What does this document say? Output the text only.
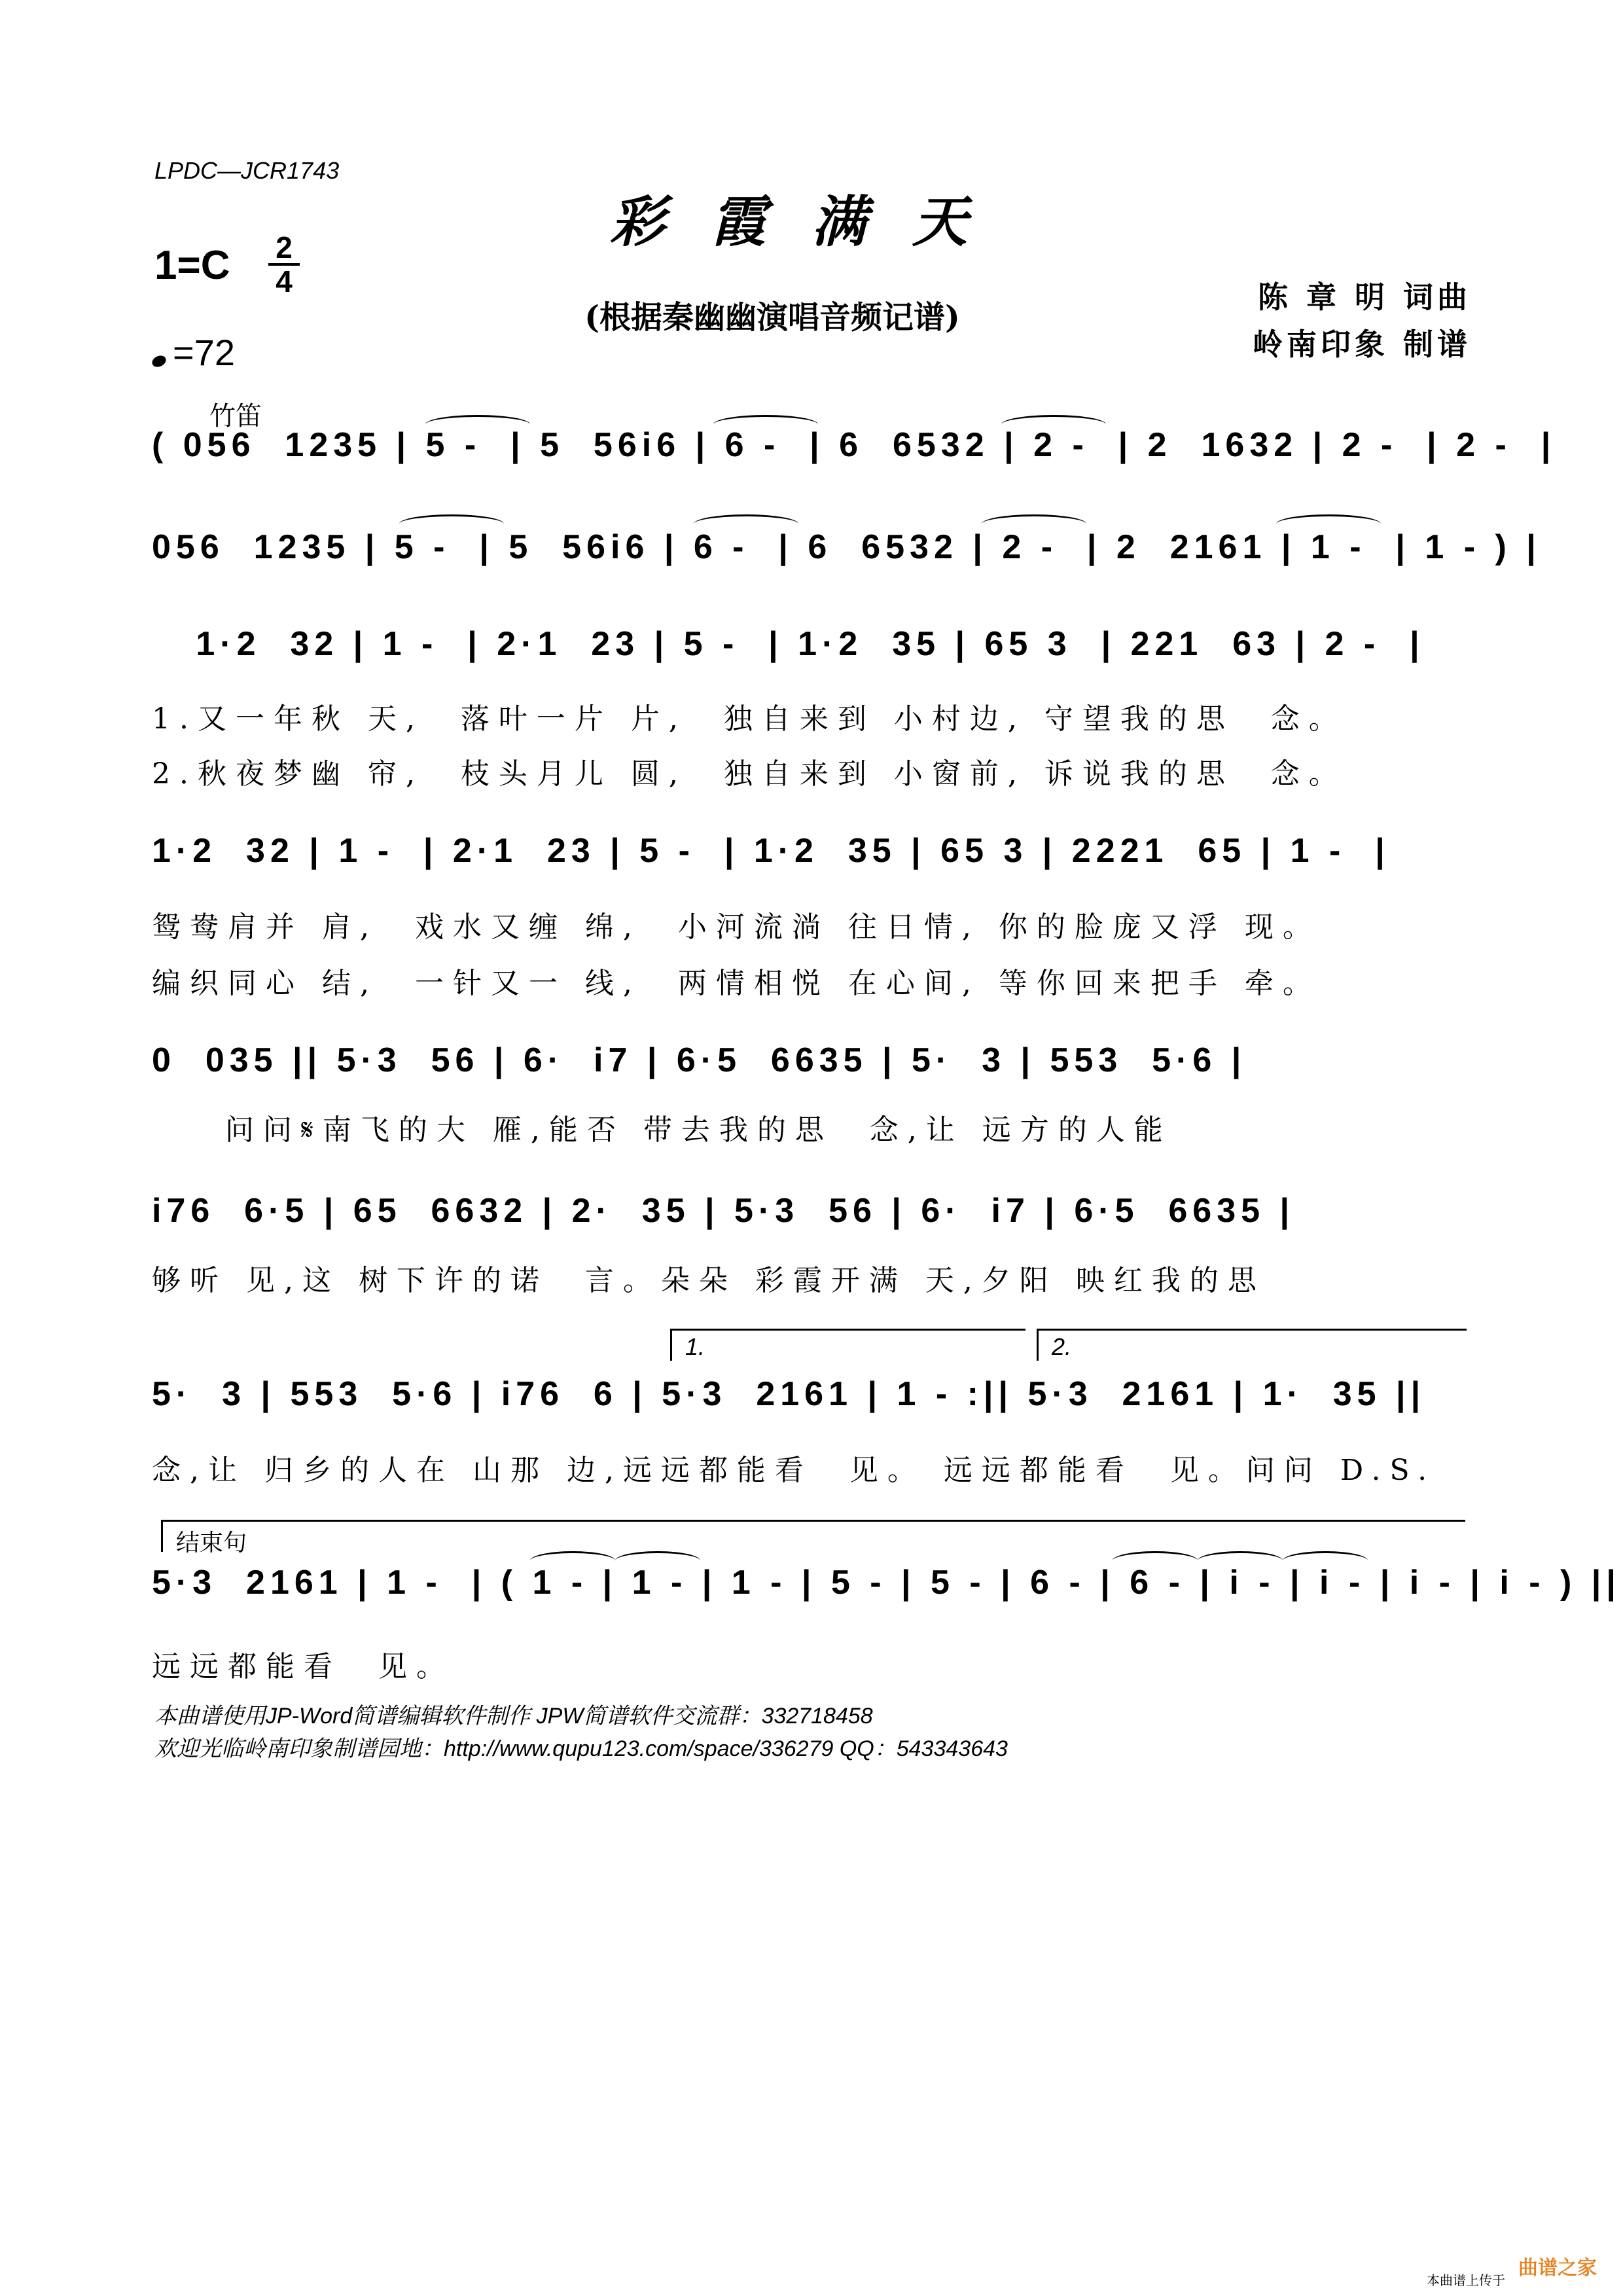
LPDC—JCR1743
彩霞满天
1=C	2
4
=72
(根据秦幽幽演唱音频记谱)
陈 章 明 词曲
岭南印象 制谱
竹笛
( 056  1235 | 5 -  | 5  56i6 | 6 -  | 6  6532 | 2 -  | 2  1632 | 2 -  | 2 -  |
056  1235 | 5 -  | 5  56i6 | 6 -  | 6  6532 | 2 -  | 2  2161 | 1 -  | 1 - ) |
1·2  32 | 1 -  | 2·1  23 | 5 -  | 1·2  35 | 65 3  | 221  63 | 2 -  |
1.又一年秋 天,  落叶一片 片,  独自来到 小村边, 守望我的思  念。
2.秋夜梦幽 帘,  枝头月儿 圆,  独自来到 小窗前, 诉说我的思  念。
1·2  32 | 1 -  | 2·1  23 | 5 -  | 1·2  35 | 65 3 | 2221  65 | 1 -  |
鸳鸯肩并 肩,  戏水又缠 绵,  小河流淌 往日情, 你的脸庞又浮 现。
编织同心 结,  一针又一 线,  两情相悦 在心间, 等你回来把手 牵。
0  035 || 5·3  56 | 6·  i7 | 6·5  6635 | 5·  3 | 553  5·6 |
问问𝄋南飞的大 雁,能否 带去我的思  念,让 远方的人能
i76  6·5 | 65  6632 | 2·  35 | 5·3  56 | 6·  i7 | 6·5  6635 |
够听 见,这 树下许的诺  言。朵朵 彩霞开满 天,夕阳 映红我的思
1.	2.
5·  3 | 553  5·6 | i76  6 | 5·3  2161 | 1 - :|| 5·3  2161 | 1·  35 ||
念,让 归乡的人在 山那 边,远远都能看  见。 远远都能看  见。问问 D.S.
结束句
5·3  2161 | 1 -  | ( 1 - | 1 - | 1 - | 5 - | 5 - | 6 - | 6 - | i - | i - | i - | i - ) ||
远远都能看  见。
本曲谱使用JP-Word简谱编辑软件制作 JPW简谱软件交流群：332718458
欢迎光临岭南印象制谱园地：http://www.qupu123.com/space/336279 QQ：543343643
曲谱之家
本曲谱上传于
